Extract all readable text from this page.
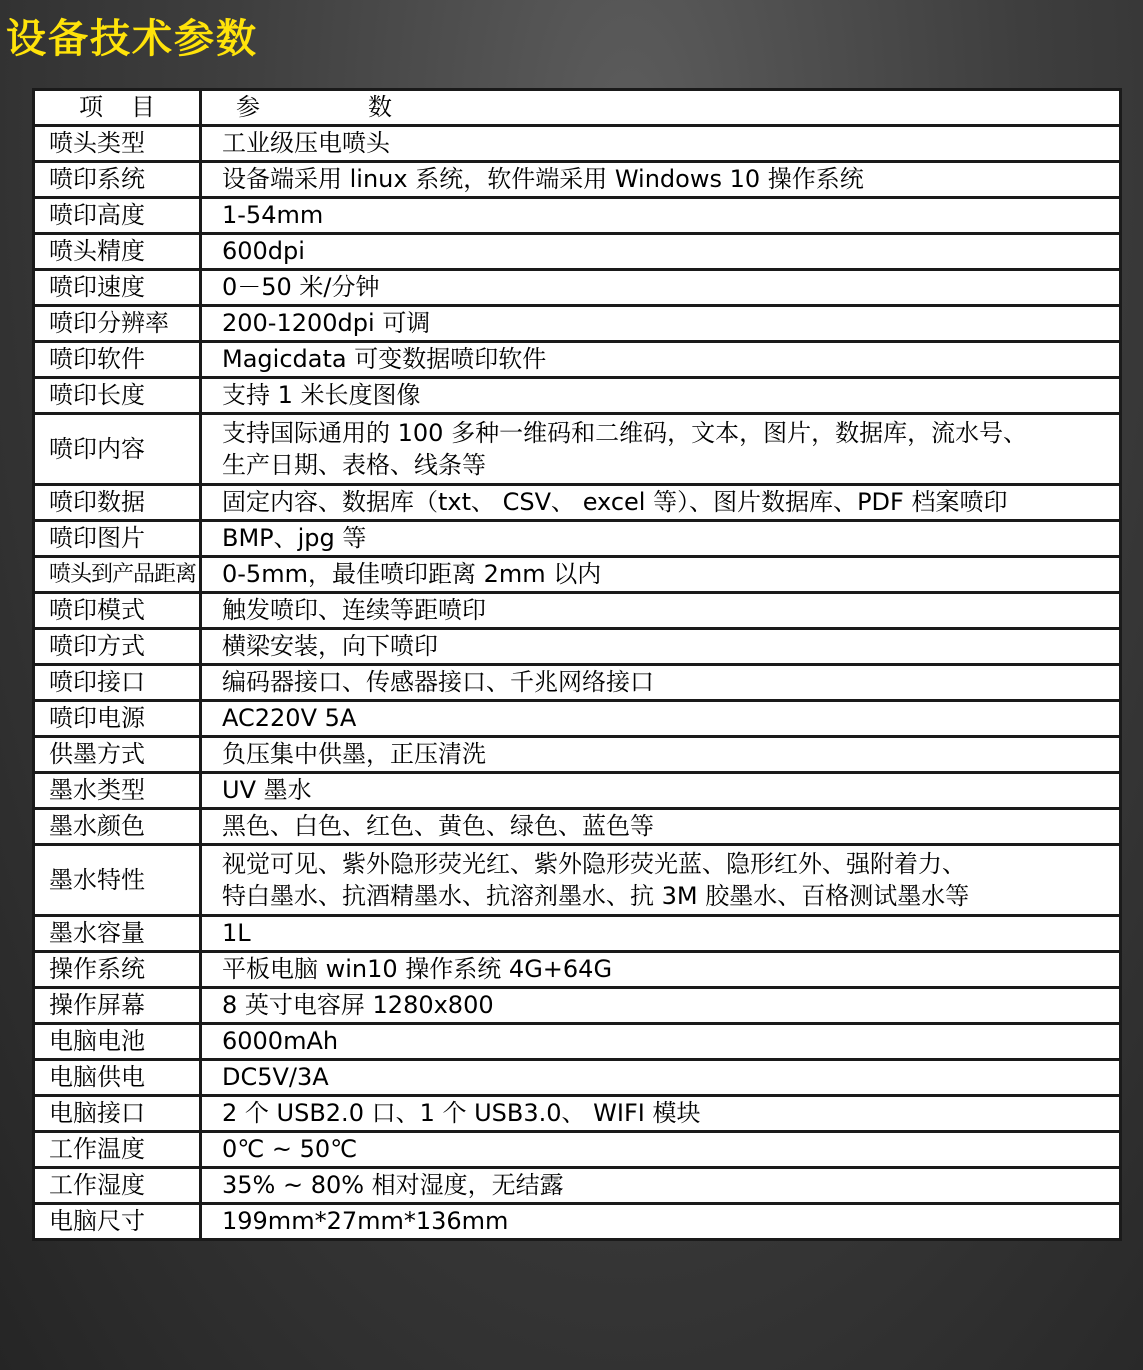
设备技术参数
项目	参 数
喷头类型	工业级压电喷头

喷印系统	设备端采用 linux 系统，软件端采用 Windows 10 操作系统

喷印高度	1-54mm

喷头精度	600dpi

喷印速度	0－50 米/分钟

喷印分辨率	200-1200dpi 可调

喷印软件	Magicdata 可变数据喷印软件

喷印长度	支持 1 米长度图像

喷印内容	支持国际通用的 100 多种一维码和二维码，文本，图片，数据库，流水号、
生产日期、表格、线条等

喷印数据	固定内容、数据库（txt、 CSV、 excel 等）、图片数据库、PDF 档案喷印

喷印图片	BMP、jpg 等

喷头到产品距离	0-5mm，最佳喷印距离 2mm 以内

喷印模式	触发喷印、连续等距喷印

喷印方式	横梁安装，向下喷印

喷印接口	编码器接口、传感器接口、千兆网络接口

喷印电源	AC220V 5A

供墨方式	负压集中供墨，正压清洗

墨水类型	UV 墨水

墨水颜色	黑色、白色、红色、黄色、绿色、蓝色等

墨水特性	视觉可见、紫外隐形荧光红、紫外隐形荧光蓝、隐形红外、强附着力、
特白墨水、抗酒精墨水、抗溶剂墨水、抗 3M 胶墨水、百格测试墨水等

墨水容量	1L

操作系统	平板电脑 win10 操作系统 4G+64G

操作屏幕	8 英寸电容屏 1280x800

电脑电池	6000mAh

电脑供电	DC5V/3A

电脑接口	2 个 USB2.0 口、1 个 USB3.0、 WIFI 模块

工作温度	0℃ ~ 50℃

工作湿度	35% ~ 80% 相对湿度，无结露

电脑尺寸	199mm*27mm*136mm
